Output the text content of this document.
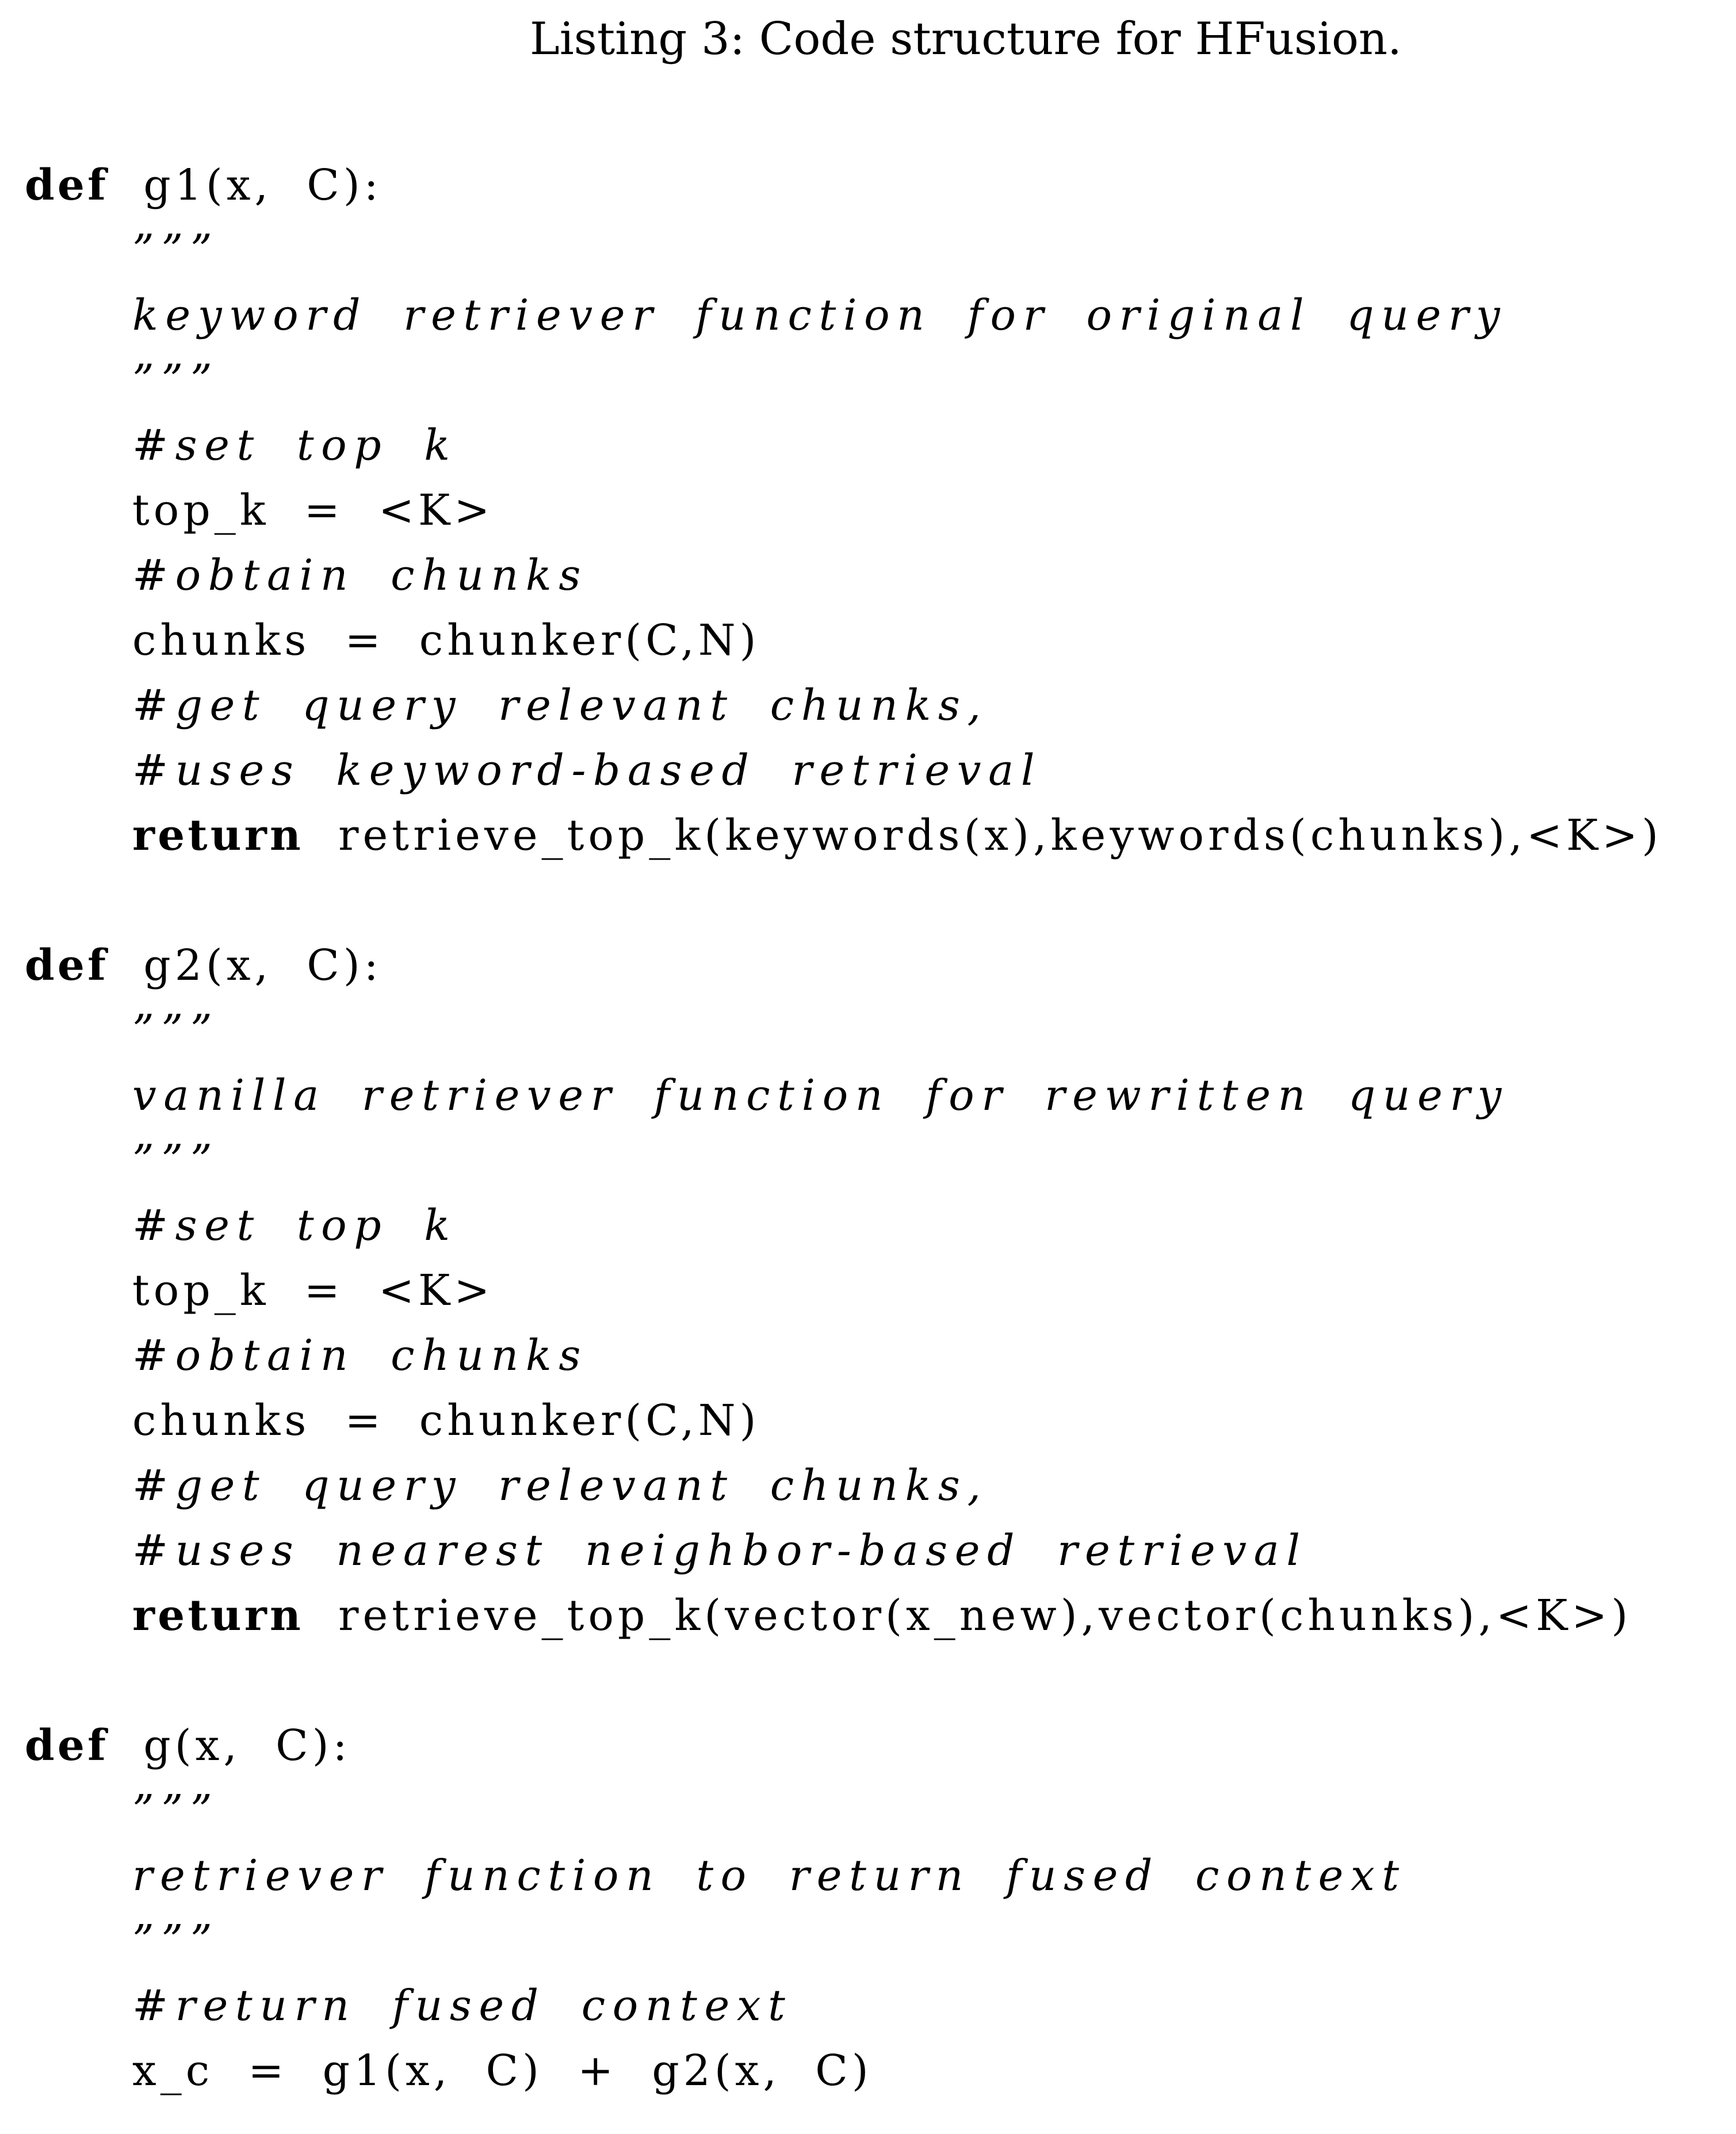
Listing 3: Code structure for HFusion.
def g1(x, C):
”””
keyword retriever function for original query
”””
#set top k
top_k = <K>
#obtain chunks
chunks = chunker(C,N)
#get query relevant chunks,
#uses keyword-based retrieval
return retrieve_top_k(keywords(x),keywords(chunks),<K>)
def g2(x, C):
”””
vanilla retriever function for rewritten query
”””
#set top k
top_k = <K>
#obtain chunks
chunks = chunker(C,N)
#get query relevant chunks,
#uses nearest neighbor-based retrieval
return retrieve_top_k(vector(x_new),vector(chunks),<K>)
def g(x, C):
”””
retriever function to return fused context
”””
#return fused context
x_c = g1(x, C) + g2(x, C)
